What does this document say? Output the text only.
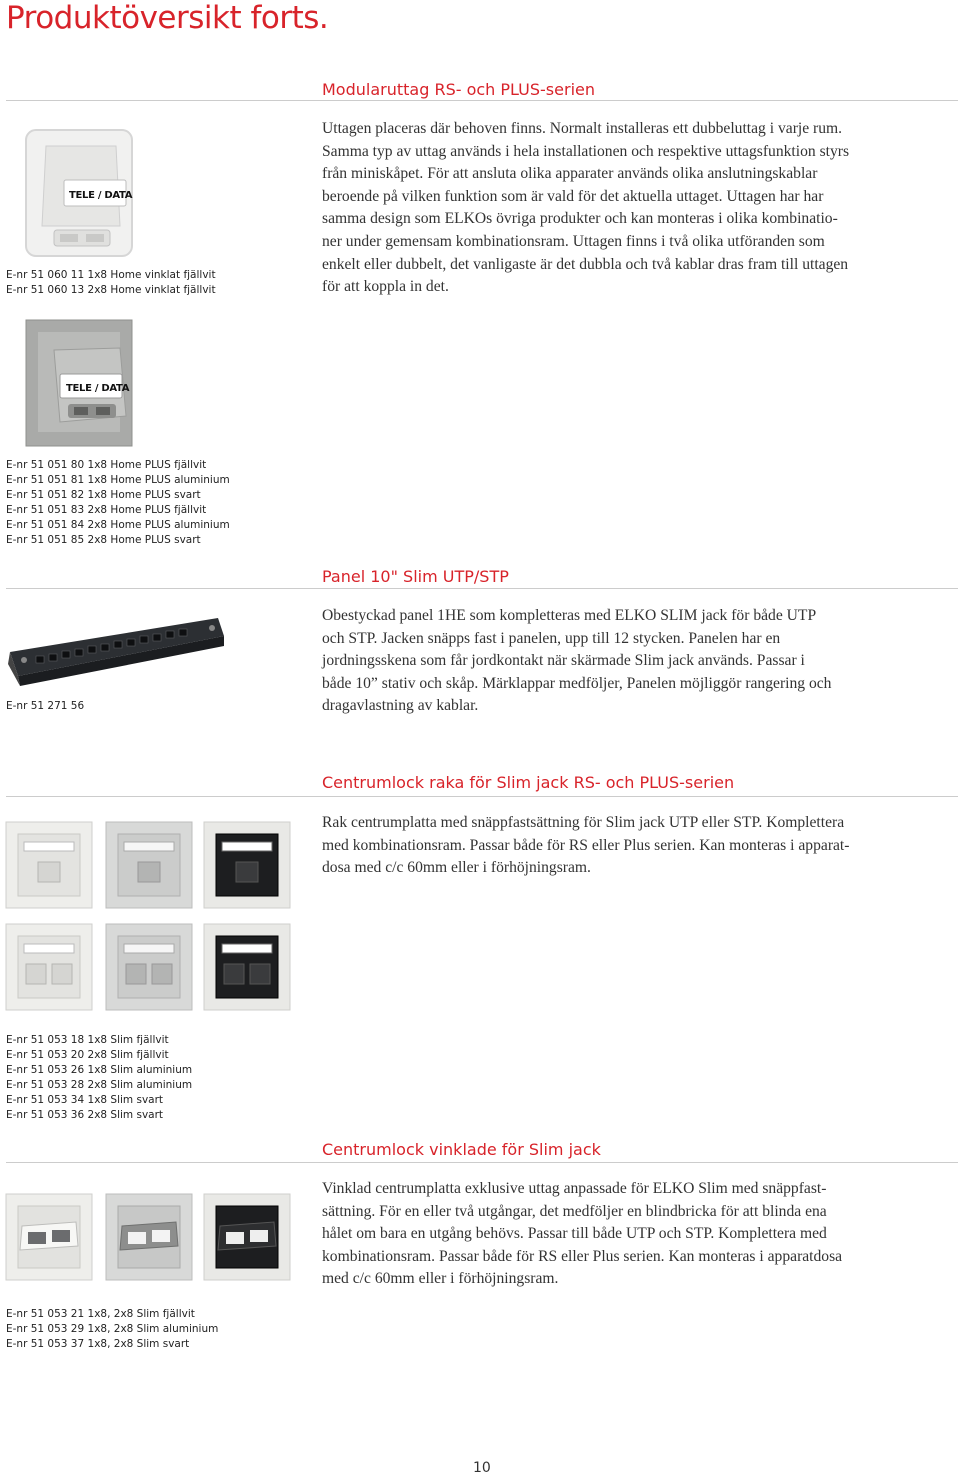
Produktöversikt forts.
Modularuttag RS- och PLUS-serien

Uttagen placeras där behoven finns. Normalt installeras ett dubbeluttag i varje rum.
Samma typ av uttag används i hela installationen och respektive uttagsfunktion styrs
från miniskåpet. För att ansluta olika apparater används olika anslutningskablar
beroende på vilken funktion som är vald för det aktuella uttaget. Uttagen har har
samma design som ELKOs övriga produkter och kan monteras i olika kombinatio-
ner under gemensam kombinationsram. Uttagen finns i två olika utföranden som
enkelt eller dubbelt, det vanligaste är det dubbla och två kablar dras fram till uttagen
för att koppla in det.

TELE / DATA

E-nr 51 060 11 1x8 Home vinklat fjällvit
E-nr 51 060 13 2x8 Home vinklat fjällvit

TELE / DATA

E-nr 51 051 80 1x8 Home PLUS fjällvit
E-nr 51 051 81 1x8 Home PLUS aluminium
E-nr 51 051 82 1x8 Home PLUS svart
E-nr 51 051 83 2x8 Home PLUS fjällvit
E-nr 51 051 84 2x8 Home PLUS aluminium
E-nr 51 051 85 2x8 Home PLUS svart

Panel 10" Slim UTP/STP

Obestyckad panel 1HE som kompletteras med ELKO SLIM jack för både UTP
och STP. Jacken snäpps fast i panelen, upp till 12 stycken. Panelen har en
jordningsskena som får jordkontakt när skärmade Slim jack används. Passar i
både 10” stativ och skåp. Märklappar medföljer, Panelen möjliggör rangering och
dragavlastning av kablar.

E-nr 51 271 56

Centrumlock raka för Slim jack RS- och PLUS-serien

Rak centrumplatta med snäppfastsättning för Slim jack UTP eller STP. Komplettera
med kombinationsram. Passar både för RS eller Plus serien. Kan monteras i apparat-
dosa med c/c 60mm eller i förhöjningsram.

E-nr 51 053 18 1x8 Slim fjällvit
E-nr 51 053 20 2x8 Slim fjällvit
E-nr 51 053 26 1x8 Slim aluminium
E-nr 51 053 28 2x8 Slim aluminium
E-nr 51 053 34 1x8 Slim svart
E-nr 51 053 36 2x8 Slim svart

Centrumlock vinklade för Slim jack

Vinklad centrumplatta exklusive uttag anpassade för ELKO Slim med snäppfast-
sättning. För en eller två utgångar, det medföljer en blindbricka för att blinda ena
hålet om bara en utgång behövs. Passar till både UTP och STP. Komplettera med
kombinationsram. Passar både för RS eller Plus serien. Kan monteras i apparatdosa
med c/c 60mm eller i förhöjningsram.

E-nr 51 053 21 1x8, 2x8 Slim fjällvit
E-nr 51 053 29 1x8, 2x8 Slim aluminium
E-nr 51 053 37 1x8, 2x8 Slim svart

10
